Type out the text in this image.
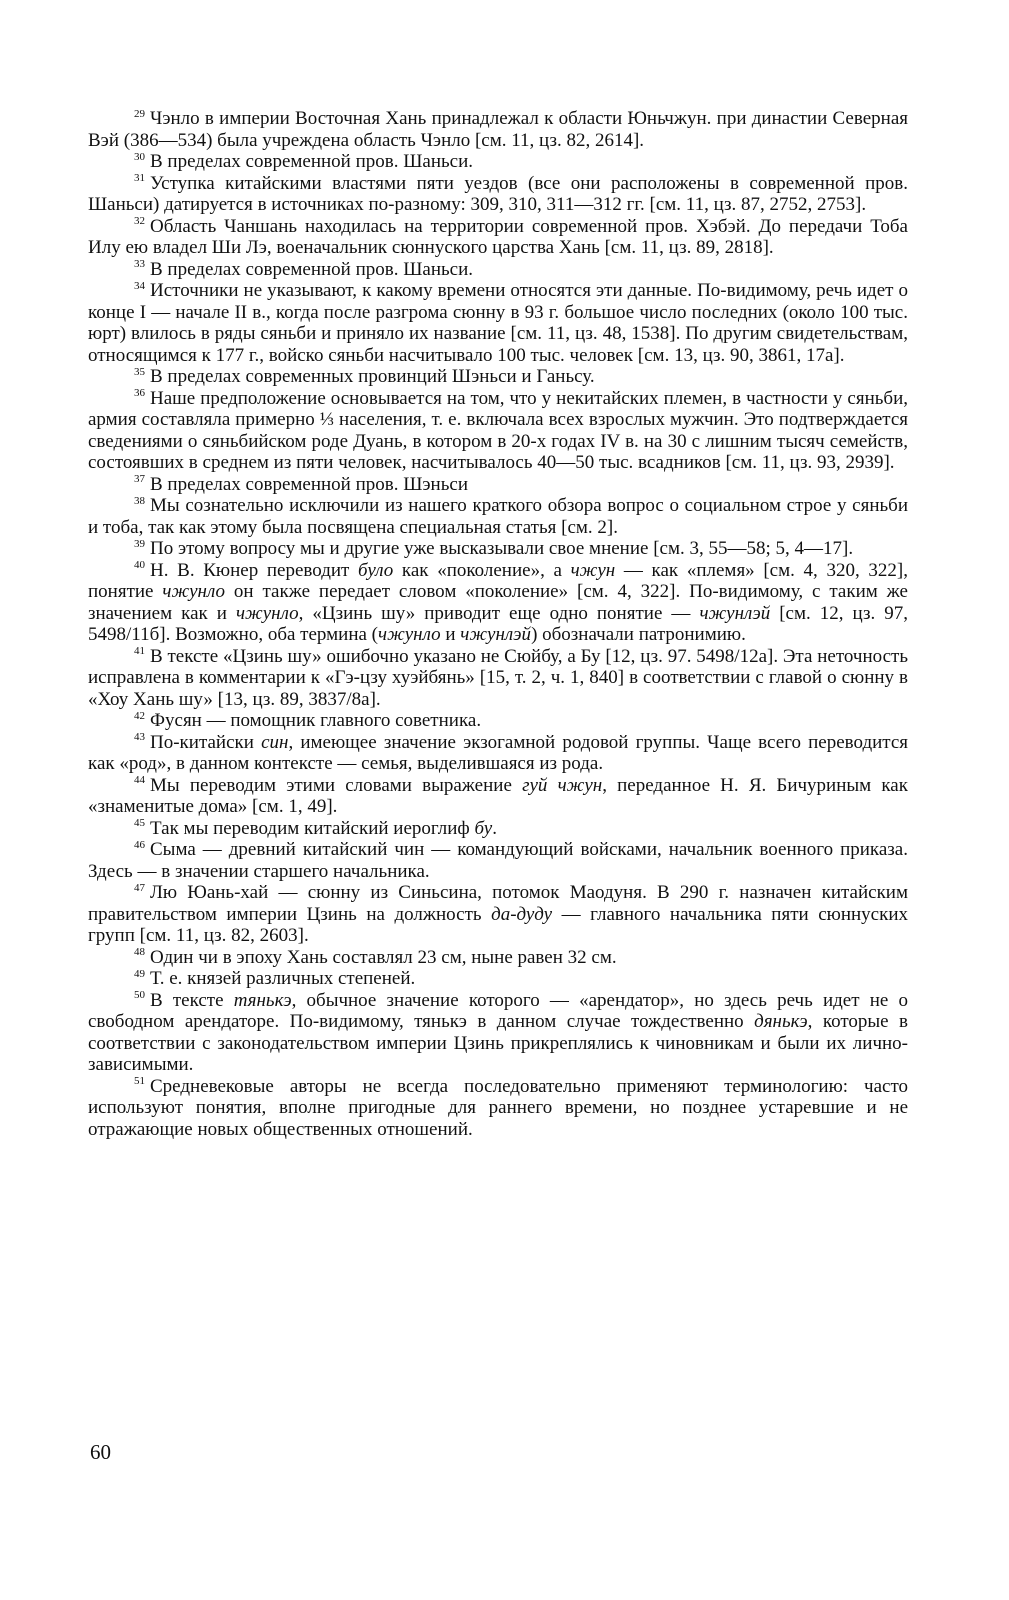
$^{29}$ Чэнло в империи Восточная Хань принадлежал к области Юньчжун. при династии Северная Вэй (386—534) была учреждена область Чэнло [см. 11, цз. 82, 2614].

$^{30}$ В пределах современной пров. Шаньси.

$^{31}$ Уступка китайскими властями пяти уездов (все они расположены в современной пров. Шаньси) датируется в источниках по-разному: 309, 310, 311—312 гг. [см. 11, цз. 87, 2752, 2753].

$^{32}$ Область Чаншань находилась на территории современной пров. Хэбэй. До передачи Тоба Илу ею владел Ши Лэ, военачальник сюннуского царства Хань [см. 11, цз. 89, 2818].

$^{33}$ В пределах современной пров. Шаньси.

$^{34}$ Источники не указывают, к какому времени относятся эти данные. По-видимому, речь идет о конце I — начале II в., когда после разгрома сюнну в 93 г. большое число последних (около 100 тыс. юрт) влилось в ряды сяньби и приняло их название [см. 11, цз. 48, 1538]. По другим свидетельствам, относящимся к 177 г., войско сяньби насчитывало 100 тыс. человек [см. 13, цз. 90, 3861, 17а].

$^{35}$ В пределах современных провинций Шэньси и Ганьсу.

$^{36}$ Наше предположение основывается на том, что у некитайских племен, в частности у сяньби, армия составляла примерно ⅓ населения, т. е. включала всех взрослых мужчин. Это подтверждается сведениями о сяньбийском роде Дуань, в котором в 20-х годах IV в. на 30 с лишним тысяч семейств, состоявших в среднем из пяти человек, насчитывалось 40—50 тыс. всадников [см. 11, цз. 93, 2939].

$^{37}$ В пределах современной пров. Шэньси

$^{38}$ Мы сознательно исключили из нашего краткого обзора вопрос о социальном строе у сяньби и тоба, так как этому была посвящена специальная статья [см. 2].

$^{39}$ По этому вопросу мы и другие уже высказывали свое мнение [см. 3, 55—58; 5, 4—17].

$^{40}$ Н. В. Кюнер переводит було как «поколение», а чжун — как «племя» [см. 4, 320, 322], понятие чжунло он также передает словом «поколение» [см. 4, 322]. По-видимому, с таким же значением как и чжунло, «Цзинь шу» приводит еще одно понятие — чжунлэй [см. 12, цз. 97, 5498/11б]. Возможно, оба термина (чжунло и чжунлэй) обозначали патронимию.

$^{41}$ В тексте «Цзинь шу» ошибочно указано не Сюйбу, а Бу [12, цз. 97. 5498/12а]. Эта неточность исправлена в комментарии к «Гэ-цзу хуэйбянь» [15, т. 2, ч. 1, 840] в соответствии с главой о сюнну в «Хоу Хань шу» [13, цз. 89, 3837/8а].

$^{42}$ Фусян — помощник главного советника.

$^{43}$ По-китайски син, имеющее значение экзогамной родовой группы. Чаще всего переводится как «род», в данном контексте — семья, выделившаяся из рода.

$^{44}$ Мы переводим этими словами выражение гуй чжун, переданное Н. Я. Бичуриным как «знаменитые дома» [см. 1, 49].

$^{45}$ Так мы переводим китайский иероглиф бу.

$^{46}$ Сыма — древний китайский чин — командующий войсками, начальник военного приказа. Здесь — в значении старшего начальника.

$^{47}$ Лю Юань-хай — сюнну из Синьсина, потомок Маодуня. В 290 г. назначен китайским правительством империи Цзинь на должность да-дуду — главного начальника пяти сюннуских групп [см. 11, цз. 82, 2603].

$^{48}$ Один чи в эпоху Хань составлял 23 см, ныне равен 32 см.

$^{49}$ Т. е. князей различных степеней.

$^{50}$ В тексте тянькэ, обычное значение которого — «арендатор», но здесь речь идет не о свободном арендаторе. По-видимому, тянькэ в данном случае тождественно дянькэ, которые в соответствии с законодательством империи Цзинь прикреплялись к чиновникам и были их лично-зависимыми.

$^{51}$ Средневековые авторы не всегда последовательно применяют терминологию: часто используют понятия, вполне пригодные для раннего времени, но позднее устаревшие и не отражающие новых общественных отношений.

60
